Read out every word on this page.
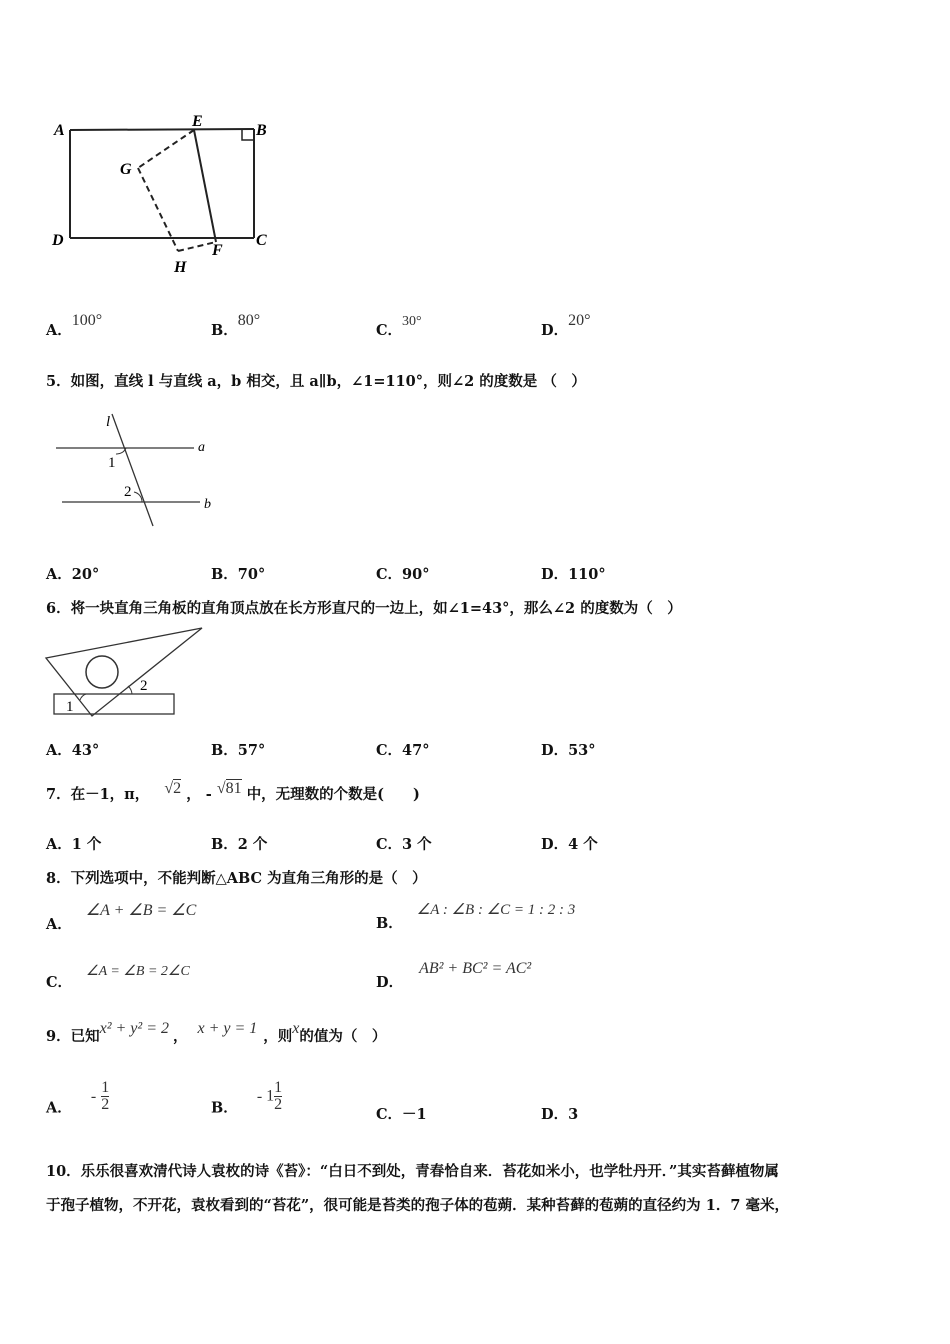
A
E
B
G
D
H
F
C
A．100°
B．80°
C．30°
D．20°
5．如图，直线 l 与直线 a，b 相交，且 a∥b，∠1=110°，则∠2 的度数是 （　）
l
a
1
2
b
A．20°	B．70°	C．90°	D．110°
6．将一块直角三角板的直角顶点放在长方形直尺的一边上，如∠1=43°，那么∠2 的度数为（　）
2
1
A．43°	B．57°	C．47°	D．53°
7．在－1，π， √2 ， - √81 中，无理数的个数是(　　)
A．1 个	B．2 个	C．3 个	D．4 个
8．下列选项中，不能判断△ABC 为直角三角形的是（　）
A．∠A + ∠B = ∠C
B．∠A : ∠B : ∠C = 1 : 2 : 3
C．∠A = ∠B = 2∠C
D．AB² + BC² = AC²
9．已知x² + y² = 2 ， x + y = 1 ，则x的值为（　）
A． - $\frac{1}{2}$	B． - $1 \frac{1}{2}$
C．－1	D．3
10．乐乐很喜欢清代诗人袁枚的诗《苔》：“白日不到处，青春恰自来．苔花如米小，也学牡丹开．”其实苔藓植物属
于孢子植物，不开花，袁枚看到的“苔花”，很可能是苔类的孢子体的苞蒴．某种苔藓的苞蒴的直径约为 1．7 毫米，
